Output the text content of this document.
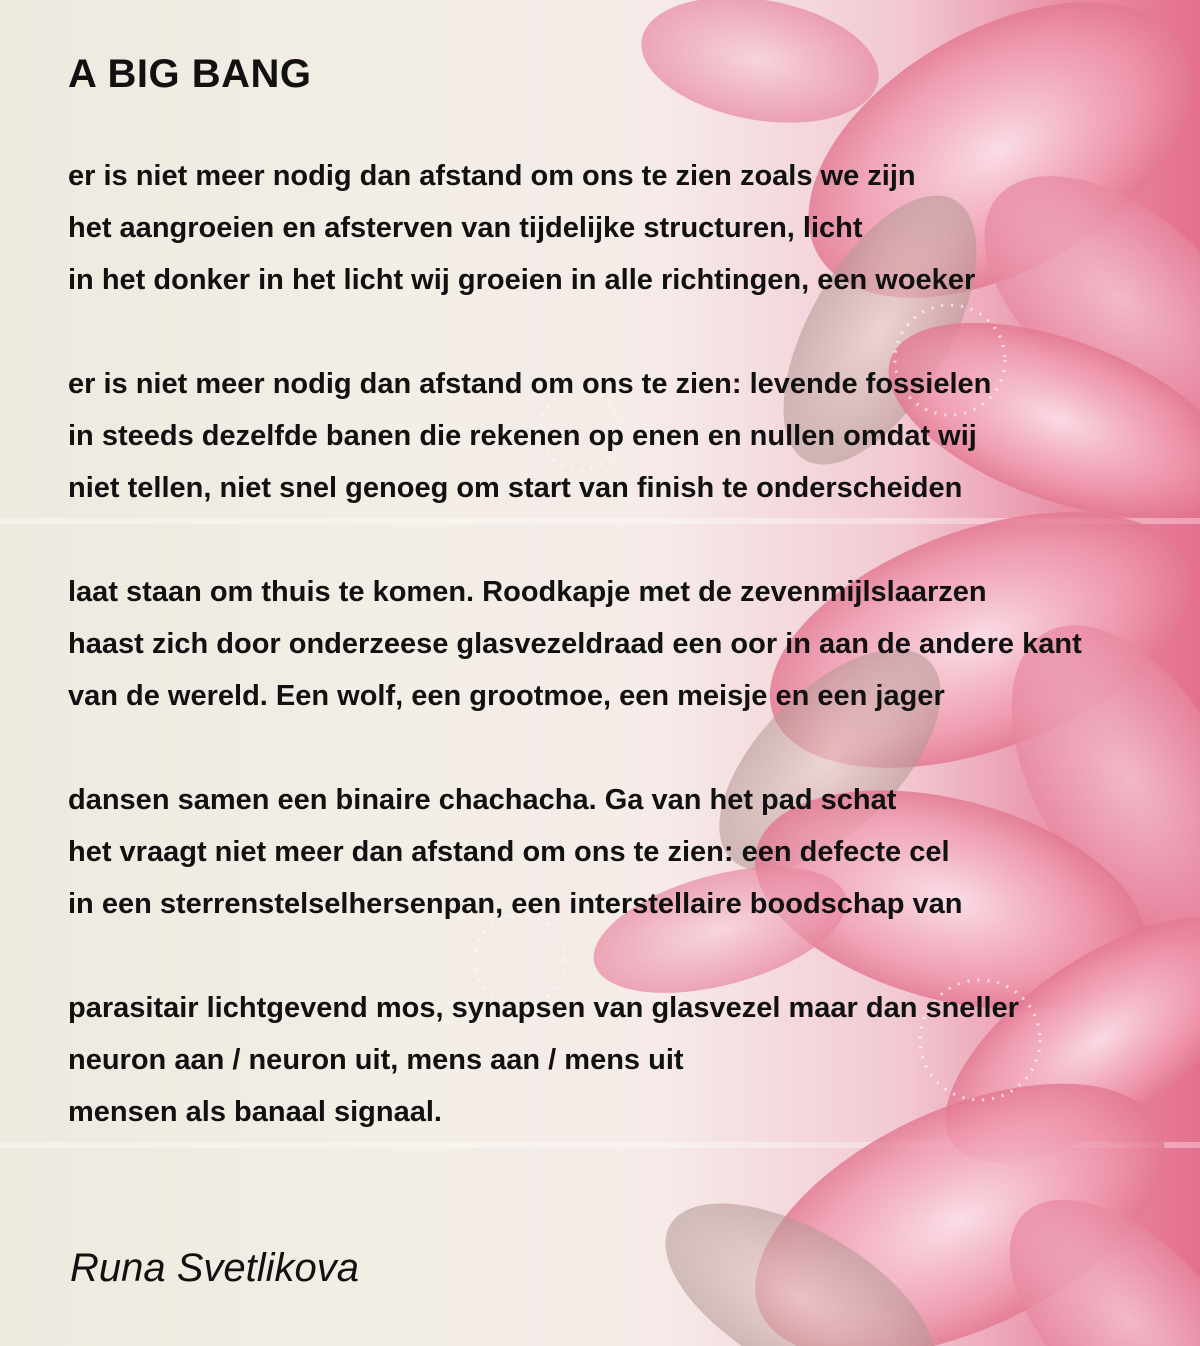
A BIG BANG
er is niet meer nodig dan afstand om ons te zien zoals we zijn
het aangroeien en afsterven van tijdelijke structuren, licht
in het donker in het licht wij groeien in alle richtingen, een woeker
er is niet meer nodig dan afstand om ons te zien: levende fossielen
in steeds dezelfde banen die rekenen op enen en nullen omdat wij
niet tellen, niet snel genoeg om start van finish te onderscheiden
laat staan om thuis te komen. Roodkapje met de zevenmijlslaarzen
haast zich door onderzeese glasvezeldraad een oor in aan de andere kant
van de wereld. Een wolf, een grootmoe, een meisje en een jager
dansen samen een binaire chachacha. Ga van het pad schat
het vraagt niet meer dan afstand om ons te zien: een defecte cel
in een sterrenstelselhersenpan, een interstellaire boodschap van
parasitair lichtgevend mos, synapsen van glasvezel maar dan sneller
neuron aan / neuron uit, mens aan / mens uit
mensen als banaal signaal.
Runa Svetlikova
